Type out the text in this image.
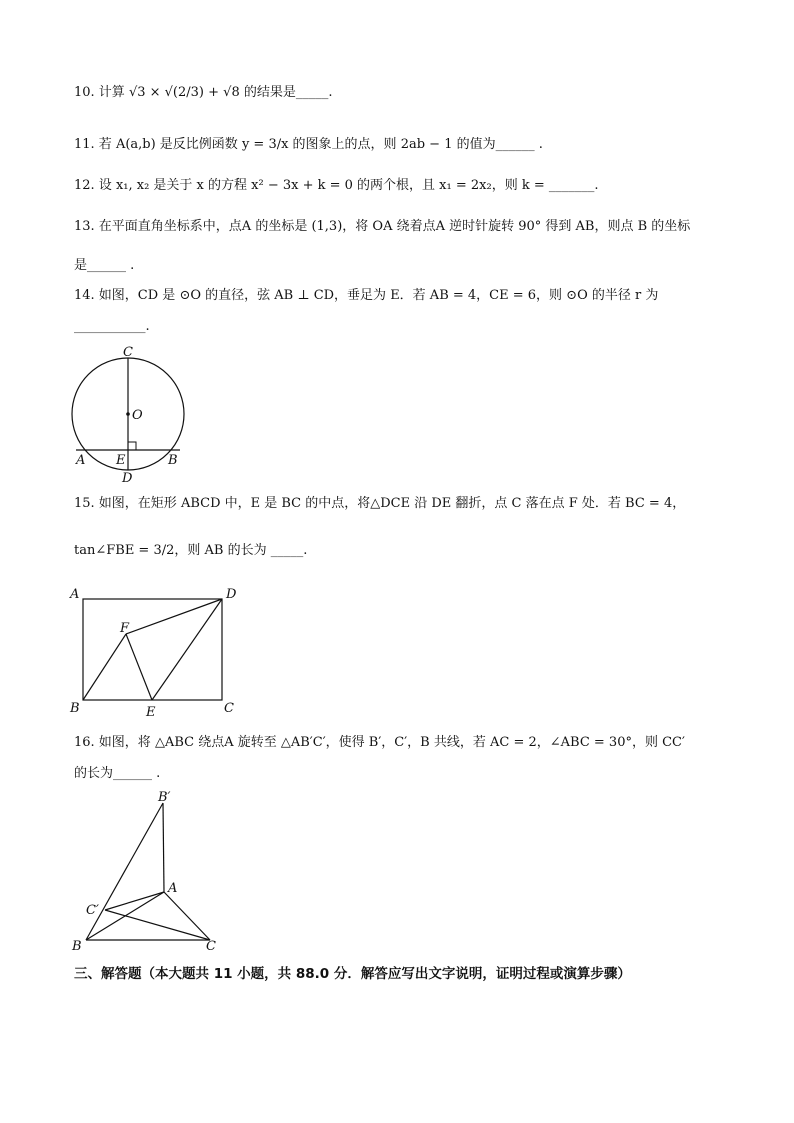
10. 计算 √3 × √(2/3) + √8 的结果是_____.
11. 若 A(a,b) 是反比例函数 y = 3/x 的图象上的点，则 2ab − 1 的值为______ .
12. 设 x₁, x₂ 是关于 x 的方程 x² − 3x + k = 0 的两个根，且 x₁ = 2x₂，则 k = _______.
13. 在平面直角坐标系中，点A 的坐标是 (1,3)，将 OA 绕着点A 逆时针旋转 90° 得到 AB，则点 B 的坐标
是______ .
14. 如图，CD 是 ⊙O 的直径，弦 AB ⊥ CD，垂足为 E．若 AB = 4，CE = 6，则 ⊙O 的半径 r 为
___________.
C
O
A E	B
D
15. 如图，在矩形 ABCD 中，E 是 BC 的中点，将△DCE 沿 DE 翻折，点 C 落在点 F 处．若 BC = 4，
tan∠FBE = 3/2，则 AB 的长为 _____.
A	D
F
B	E	C
16. 如图，将 △ABC 绕点A 旋转至 △AB′C′，使得 B′，C′，B 共线，若 AC = 2，∠ABC = 30°，则 CC′
的长为______ .
B′
A
C′
B	C
三、解答题（本大题共 11 小题，共 88.0 分．解答应写出文字说明，证明过程或演算步骤）
